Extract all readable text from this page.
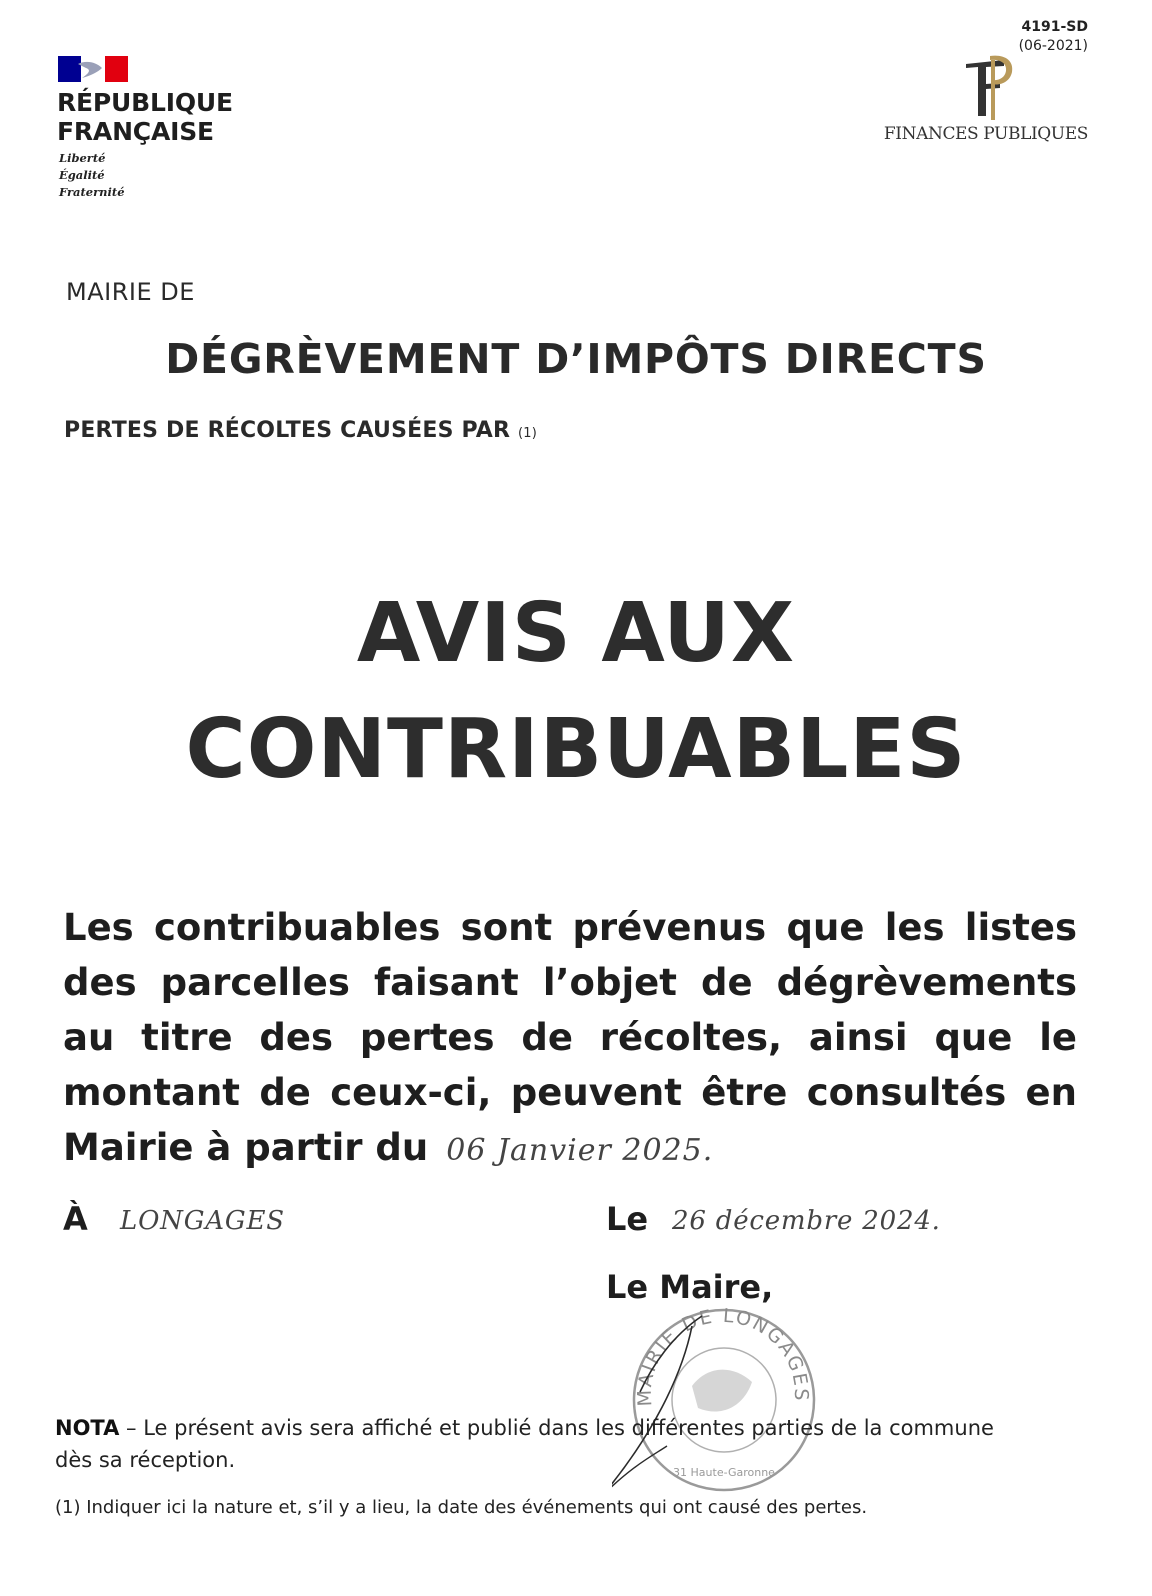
RÉPUBLIQUE
FRANÇAISE
Liberté
Égalité
Fraternité
4191-SD
(06-2021)
FINANCES PUBLIQUES
MAIRIE DE
DÉGRÈVEMENT D’IMPÔTS DIRECTS
PERTES DE RÉCOLTES CAUSÉES PAR (1)
AVIS AUX
CONTRIBUABLES
Les contribuables sont prévenus que les listes des parcelles faisant l’objet de dégrèvements au titre des pertes de récoltes, ainsi que le montant de ceux-ci, peuvent être consultés en Mairie à partir du 06 Janvier 2025.
À LONGAGES	Le 26 décembre 2024.
Le Maire,
MAIRIE DE LONGAGES
31 Haute-Garonne
NOTA – Le présent avis sera affiché et publié dans les différentes parties de la commune dès sa réception.
(1) Indiquer ici la nature et, s’il y a lieu, la date des événements qui ont causé des pertes.
